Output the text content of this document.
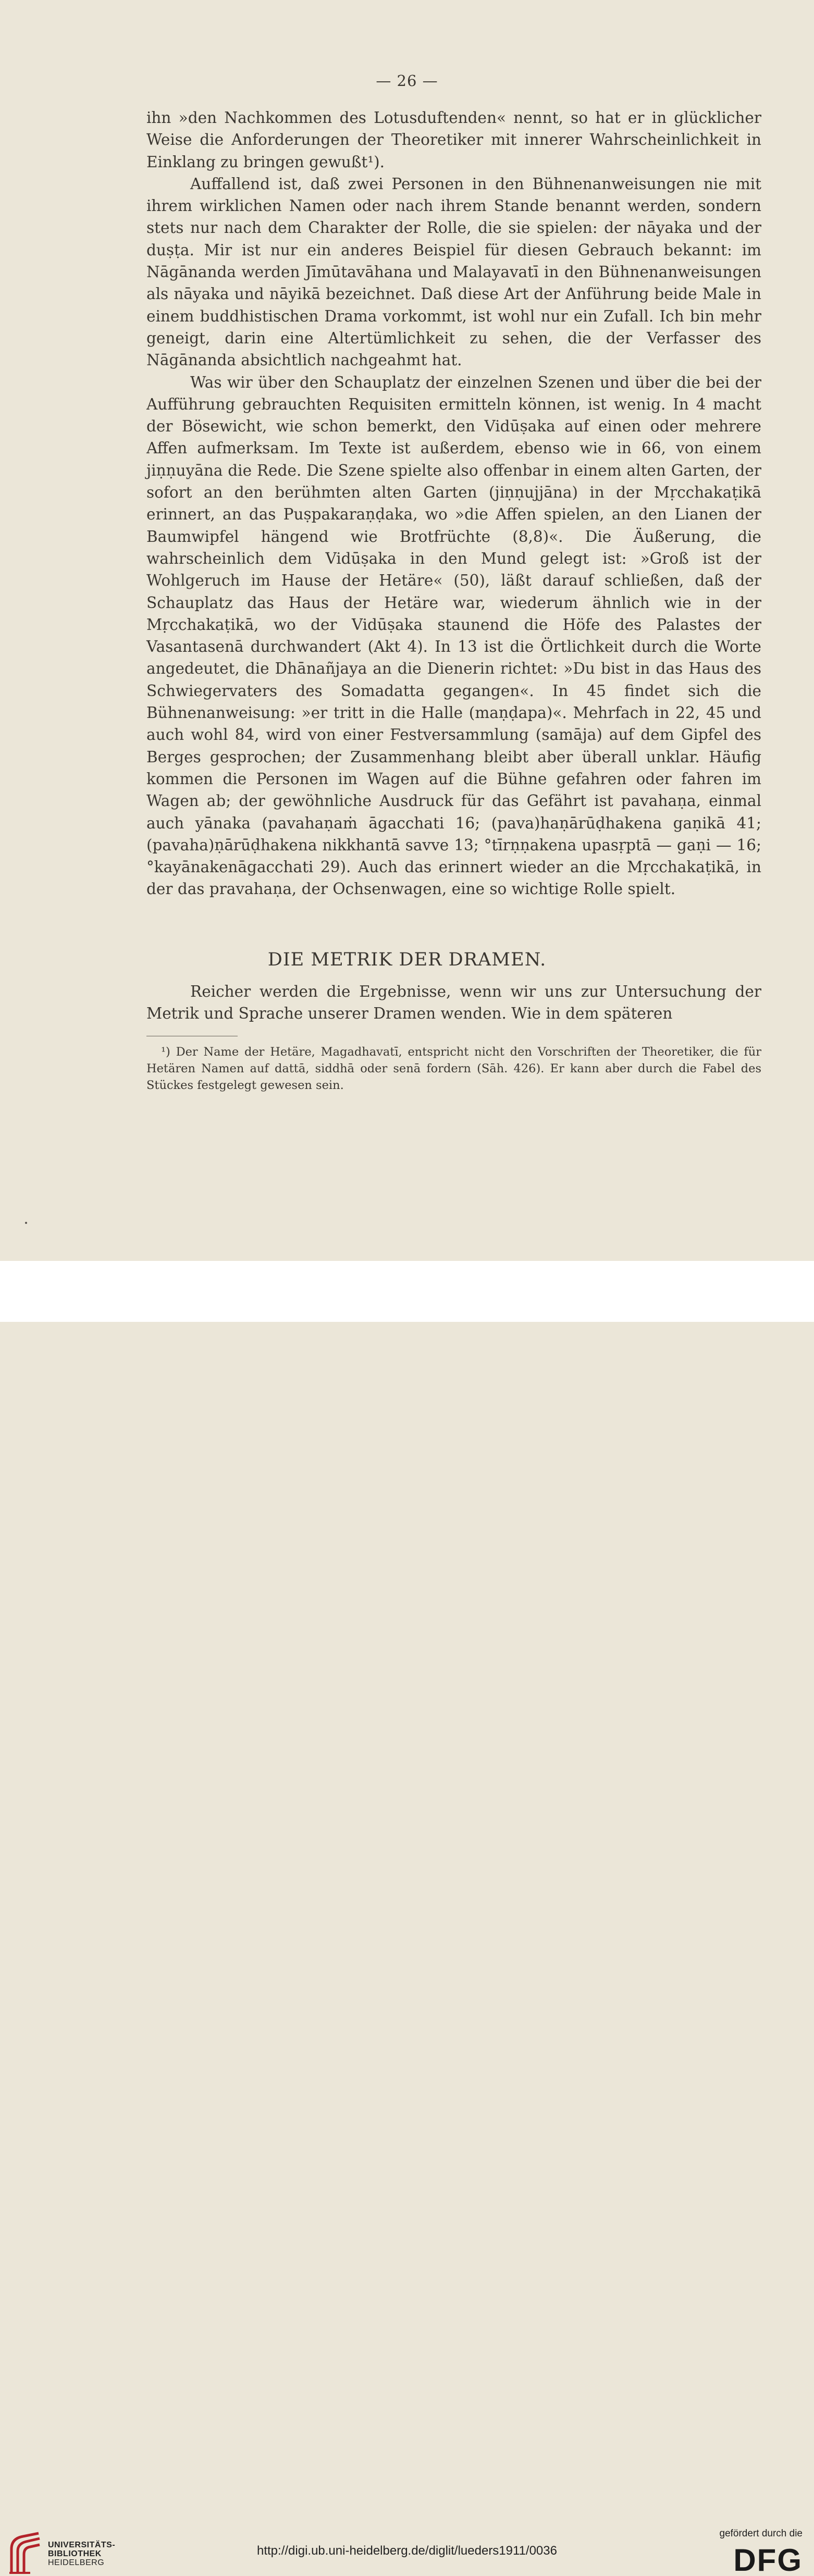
— 26 —

ihn »den Nachkommen des Lotusduftenden« nennt, so hat er in glücklicher Weise die Anforderungen der Theoretiker mit innerer Wahrscheinlichkeit in Einklang zu bringen gewußt¹).

Auffallend ist, daß zwei Personen in den Bühnenanweisungen nie mit ihrem wirklichen Namen oder nach ihrem Stande benannt werden, sondern stets nur nach dem Charakter der Rolle, die sie spielen: der nāyaka und der duṣṭa. Mir ist nur ein anderes Beispiel für diesen Gebrauch bekannt: im Nāgānanda werden Jīmūtavāhana und Malayavatī in den Bühnenanweisungen als nāyaka und nāyikā bezeichnet. Daß diese Art der Anführung beide Male in einem buddhistischen Drama vorkommt, ist wohl nur ein Zufall. Ich bin mehr geneigt, darin eine Altertümlichkeit zu sehen, die der Verfasser des Nāgānanda absichtlich nachgeahmt hat.

Was wir über den Schauplatz der einzelnen Szenen und über die bei der Aufführung gebrauchten Requisiten ermitteln können, ist wenig. In 4 macht der Bösewicht, wie schon bemerkt, den Vidūṣaka auf einen oder mehrere Affen aufmerksam. Im Texte ist außerdem, ebenso wie in 66, von einem jiṇṇuyāna die Rede. Die Szene spielte also offenbar in einem alten Garten, der sofort an den berühmten alten Garten (jiṇṇujjāna) in der Mṛcchakaṭikā erinnert, an das Puṣpakaraṇḍaka, wo »die Affen spielen, an den Lianen der Baumwipfel hängend wie Brotfrüchte (8,8)«. Die Äußerung, die wahrscheinlich dem Vidūṣaka in den Mund gelegt ist: »Groß ist der Wohlgeruch im Hause der Hetäre« (50), läßt darauf schließen, daß der Schauplatz das Haus der Hetäre war, wiederum ähnlich wie in der Mṛcchakaṭikā, wo der Vidūṣaka staunend die Höfe des Palastes der Vasantasenā durchwandert (Akt 4). In 13 ist die Örtlichkeit durch die Worte angedeutet, die Dhānañjaya an die Dienerin richtet: »Du bist in das Haus des Schwiegervaters des Somadatta gegangen«. In 45 findet sich die Bühnenanweisung: »er tritt in die Halle (maṇḍapa)«. Mehrfach in 22, 45 und auch wohl 84, wird von einer Festversammlung (samāja) auf dem Gipfel des Berges gesprochen; der Zusammenhang bleibt aber überall unklar. Häufig kommen die Personen im Wagen auf die Bühne gefahren oder fahren im Wagen ab; der gewöhnliche Ausdruck für das Gefährt ist pavahaṇa, einmal auch yānaka (pavahaṇaṁ āgacchati 16; (pava)haṇārūḍhakena gaṇikā 41; (pavaha)ṇārūḍhakena nikkhantā savve 13; °tīrṇṇakena upasṛptā — gaṇi — 16; °kayānakenāgacchati 29). Auch das erinnert wieder an die Mṛcchakaṭikā, in der das pravahaṇa, der Ochsenwagen, eine so wichtige Rolle spielt.

DIE METRIK DER DRAMEN.
Reicher werden die Ergebnisse, wenn wir uns zur Untersuchung der Metrik und Sprache unserer Dramen wenden. Wie in dem späteren
¹) Der Name der Hetäre, Magadhavatī, entspricht nicht den Vorschriften der Theoretiker, die für Hetären Namen auf dattā, siddhā oder senā fordern (Sāh. 426). Er kann aber durch die Fabel des Stückes festgelegt gewesen sein.
UNIVERSITÄTS-
BIBLIOTHEK
HEIDELBERG
http://digi.ub.uni-heidelberg.de/diglit/lueders1911/0036
gefördert durch die
DFG
